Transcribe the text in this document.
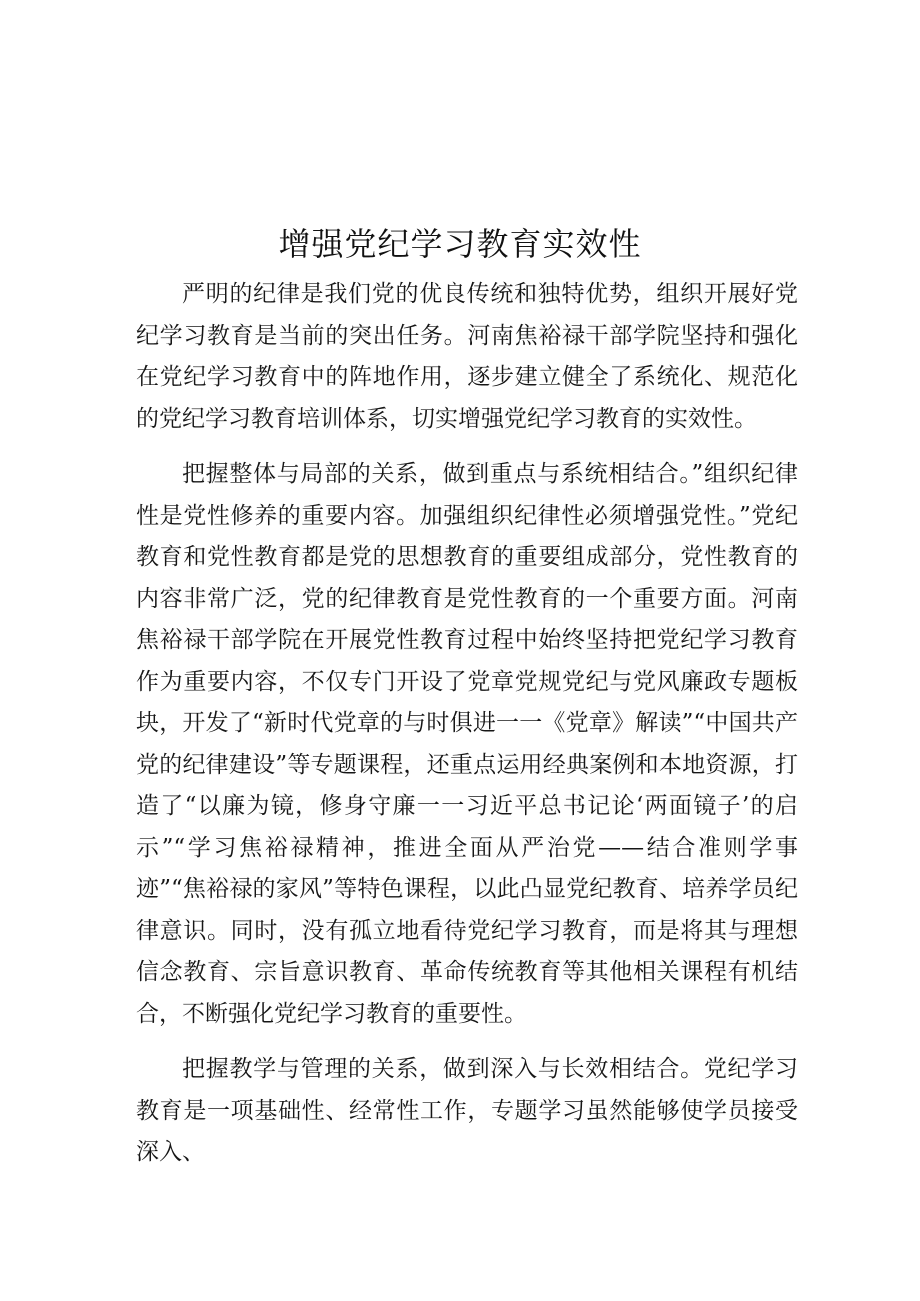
增强党纪学习教育实效性

严明的纪律是我们党的优良传统和独特优势，组织开展好党纪学习教育是当前的突出任务。河南焦裕禄干部学院坚持和强化在党纪学习教育中的阵地作用，逐步建立健全了系统化、规范化的党纪学习教育培训体系，切实增强党纪学习教育的实效性。

把握整体与局部的关系，做到重点与系统相结合。”组织纪律性是党性修养的重要内容。加强组织纪律性必须增强党性。”党纪教育和党性教育都是党的思想教育的重要组成部分，党性教育的内容非常广泛，党的纪律教育是党性教育的一个重要方面。河南焦裕禄干部学院在开展党性教育过程中始终坚持把党纪学习教育作为重要内容，不仅专门开设了党章党规党纪与党风廉政专题板块，开发了“新时代党章的与时俱进一一《党章》解读”“中国共产党的纪律建设”等专题课程，还重点运用经典案例和本地资源，打造了“以廉为镜，修身守廉一一习近平总书记论‘两面镜子’的启示”“学习焦裕禄精神，推进全面从严治党——结合准则学事迹”“焦裕禄的家风”等特色课程，以此凸显党纪教育、培养学员纪律意识。同时，没有孤立地看待党纪学习教育，而是将其与理想信念教育、宗旨意识教育、革命传统教育等其他相关课程有机结合，不断强化党纪学习教育的重要性。

把握教学与管理的关系，做到深入与长效相结合。党纪学习教育是一项基础性、经常性工作，专题学习虽然能够使学员接受深入、
